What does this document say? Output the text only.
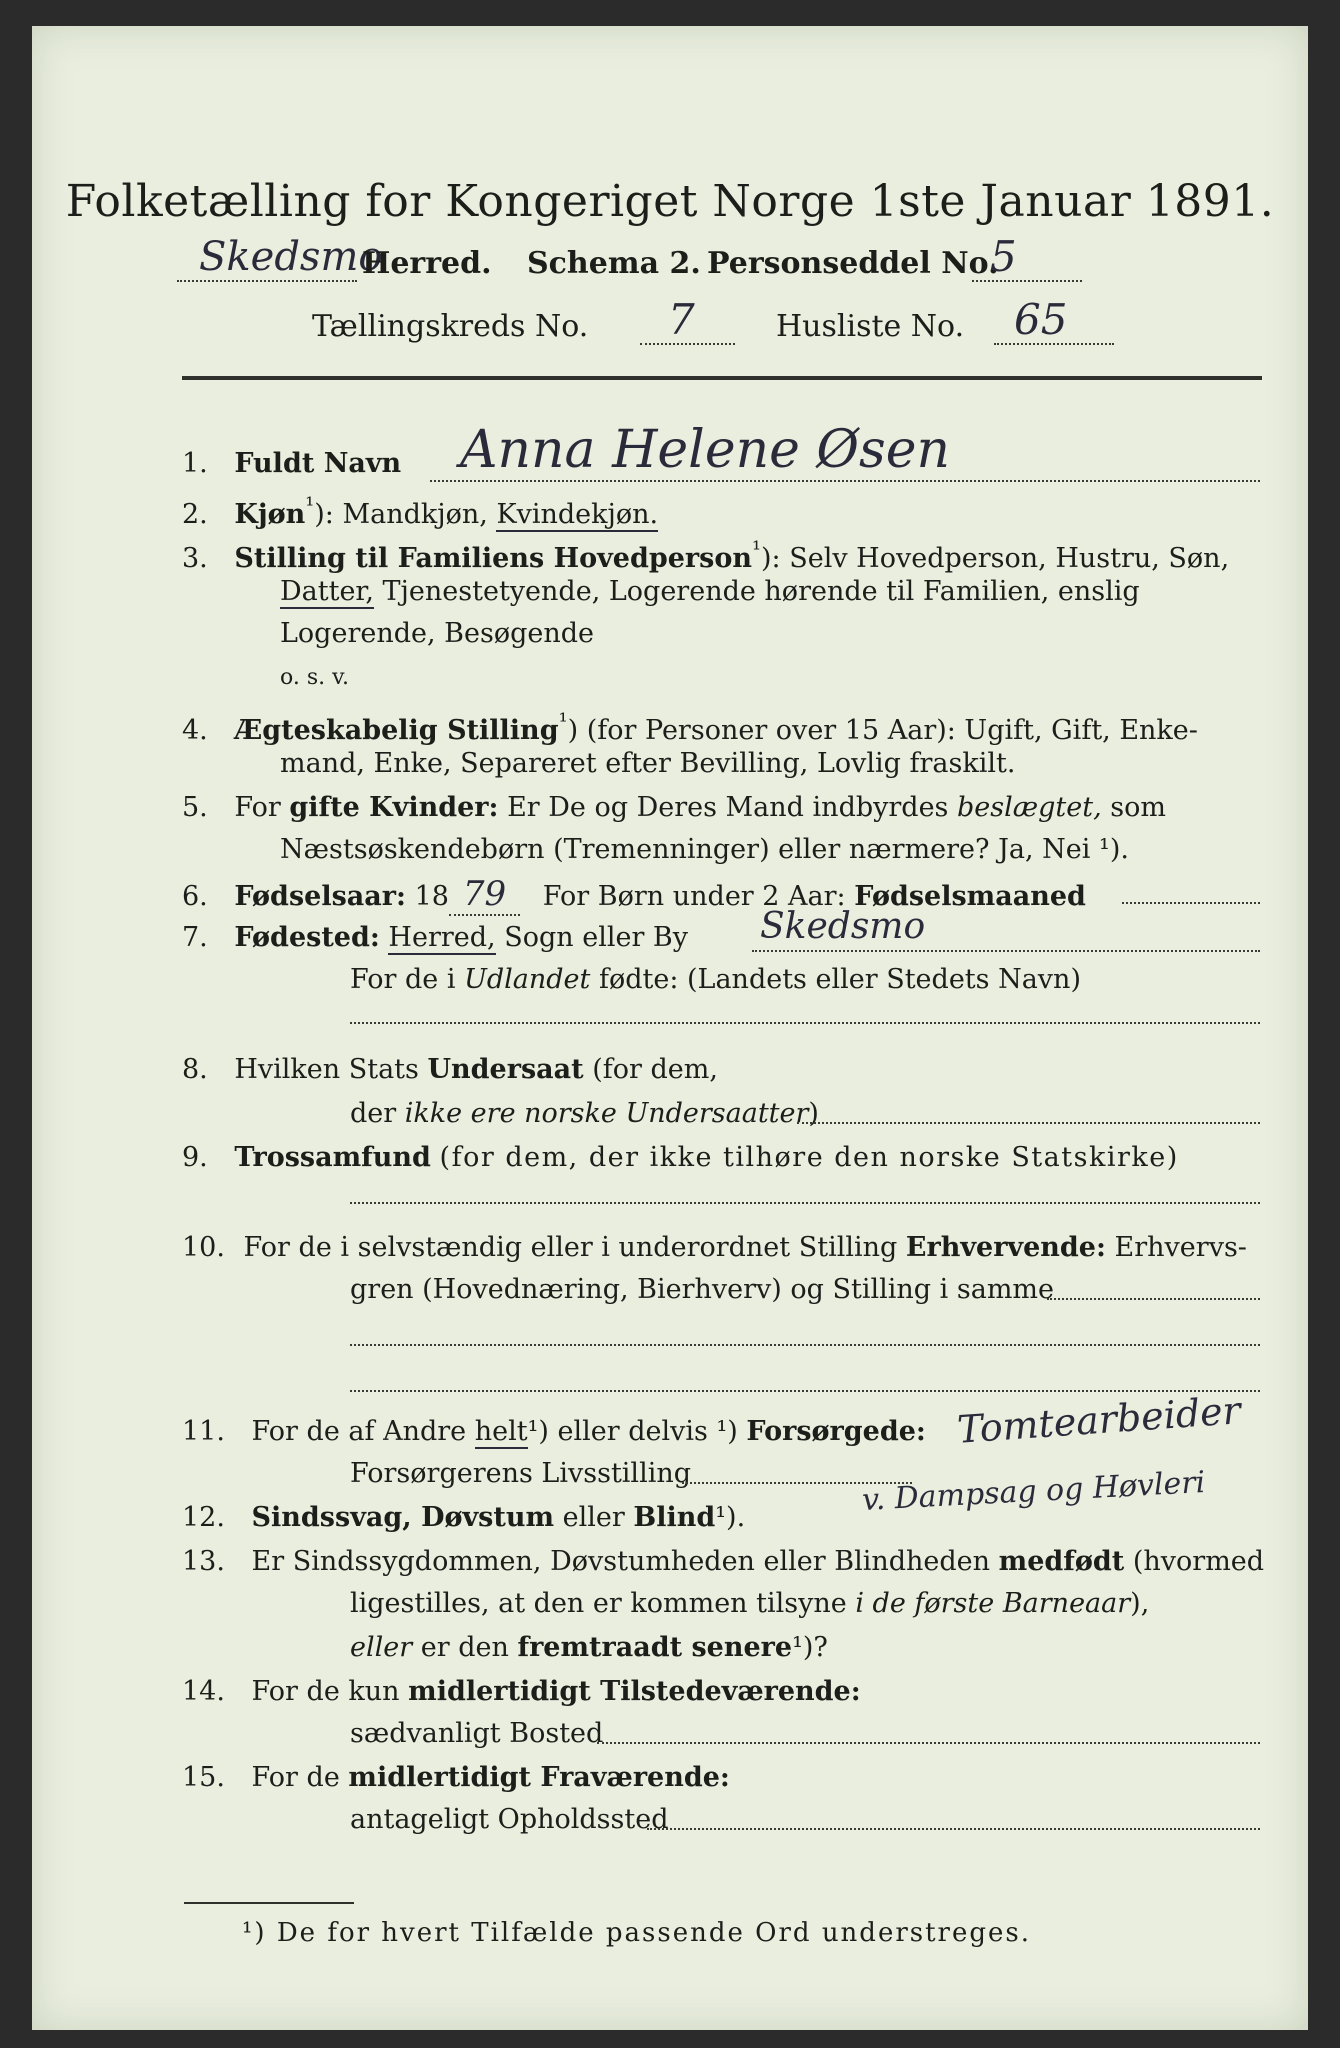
Folketælling for Kongeriget Norge 1ste Januar 1891.
Skedsmo
Herred. Schema 2. Personseddel No.
5
Tællingskreds No. 7	Husliste No. 65
1. Fuldt Navn Anna Helene Øsen
2. Kjøn$^{^1}$): Mandkjøn, Kvindekjøn.
3. Stilling til Familiens Hovedperson$^{^1}$): Selv Hovedperson, Hustru, Søn,
Datter, Tjenestetyende, Logerende hørende til Familien, enslig
Logerende, Besøgende
o. s. v.
4. Ægteskabelig Stilling$^{^1}$) (for Personer over 15 Aar): Ugift, Gift, Enke-
mand, Enke, Separeret efter Bevilling, Lovlig fraskilt.
5. For gifte Kvinder: Er De og Deres Mand indbyrdes beslægtet, som
Næstsøskendebørn (Tremenninger) eller nærmere? Ja, Nei ¹).
6. Fødselsaar: 18 79 For Børn under 2 Aar: Fødselsmaaned
7. Fødested: Herred, Sogn eller By Skedsmo
For de i Udlandet fødte: (Landets eller Stedets Navn)
8. Hvilken Stats Undersaat (for dem,
der ikke ere norske Undersaatter)
9. Trossamfund (for dem, der ikke tilhøre den norske Statskirke)
10. For de i selvstændig eller i underordnet Stilling Erhvervende: Erhvervs-
gren (Hovednæring, Bierhverv) og Stilling i samme
11. For de af Andre helt¹) eller delvis ¹) Forsørgede: Tomtearbeider
Forsørgerens Livsstilling	v. Dampsag og Høvleri
12. Sindssvag, Døvstum eller Blind¹).
13. Er Sindssygdommen, Døvstumheden eller Blindheden medfødt (hvormed
ligestilles, at den er kommen tilsyne i de første Barneaar),
eller er den fremtraadt senere¹)?
14. For de kun midlertidigt Tilstedeværende:
sædvanligt Bosted
15. For de midlertidigt Fraværende:
antageligt Opholdssted
¹) De for hvert Tilfælde passende Ord understreges.
